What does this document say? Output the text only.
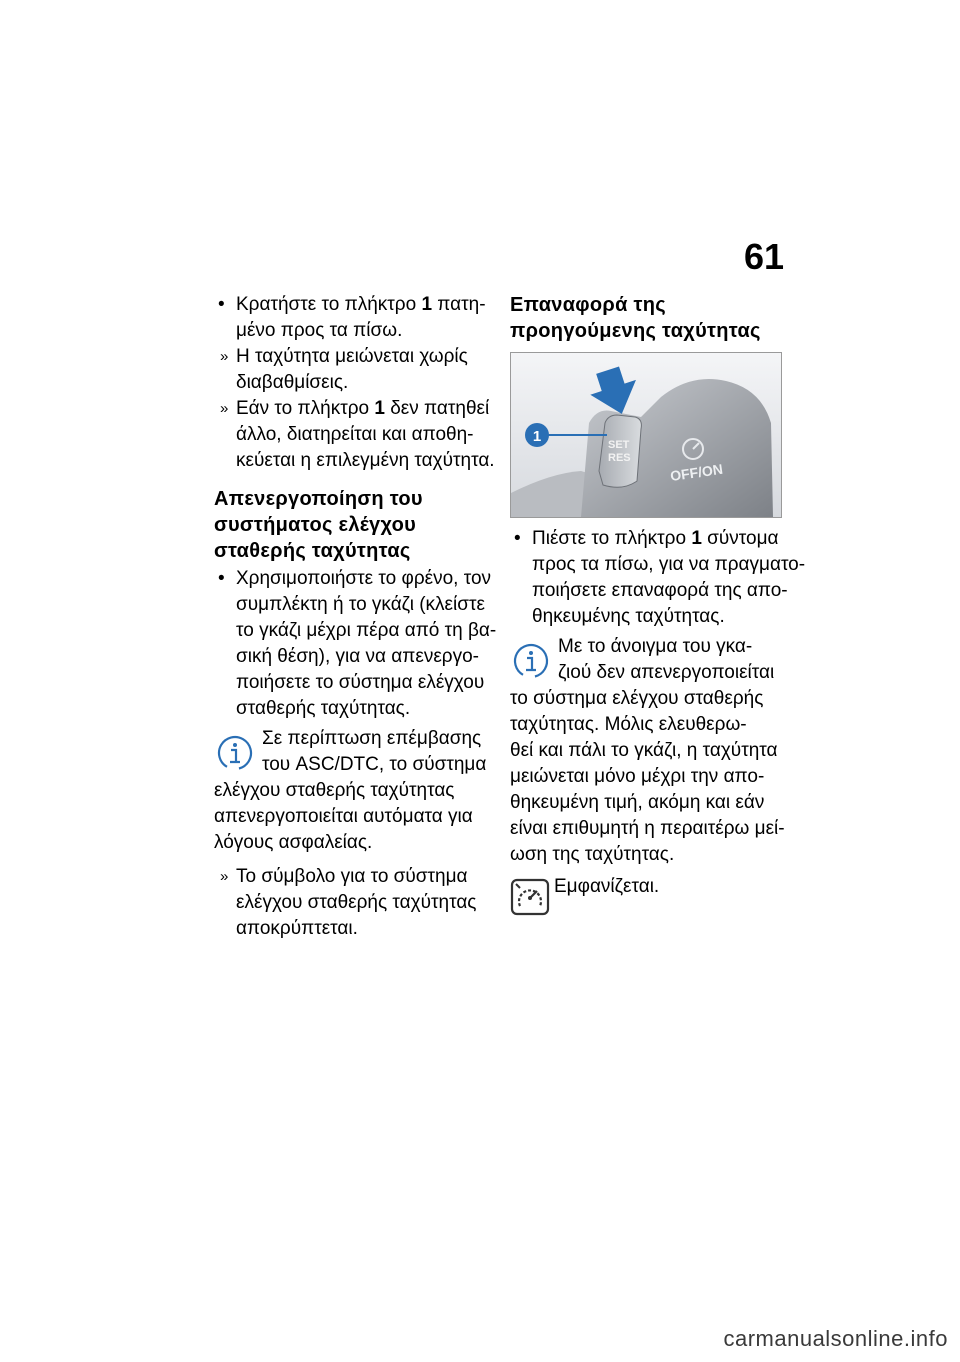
61
• Κρατήστε το πλήκτρο 1 πατη-
μένο προς τα πίσω.
» Η ταχύτητα μειώνεται χωρίς
διαβαθμίσεις.
» Εάν το πλήκτρο 1 δεν πατηθεί
άλλο, διατηρείται και αποθη-
κεύεται η επιλεγμένη ταχύτητα.
Απενεργοποίηση του
συστήματος ελέγχου
σταθερής ταχύτητας
• Χρησιμοποιήστε το φρένο, τον
συμπλέκτη ή το γκάζι (κλείστε
το γκάζι μέχρι πέρα από τη βα-
σική θέση), για να απενεργο-
ποιήσετε το σύστημα ελέγχου
σταθερής ταχύτητας.
Σε περίπτωση επέμβασης
του ASC/DTC, το σύστημα
ελέγχου σταθερής ταχύτητας
απενεργοποιείται αυτόματα για
λόγους ασφαλείας.
» Το σύμβολο για το σύστημα
ελέγχου σταθερής ταχύτητας
αποκρύπτεται.
Επαναφορά της
προηγούμενης ταχύτητας
SET
RES
OFF/ON
1
• Πιέστε το πλήκτρο 1 σύντομα
προς τα πίσω, για να πραγματο-
ποιήσετε επαναφορά της απο-
θηκευμένης ταχύτητας.
Με το άνοιγμα του γκα-
ζιού δεν απενεργοποιείται
το σύστημα ελέγχου σταθερής
ταχύτητας. Μόλις ελευθερω-
θεί και πάλι το γκάζι, η ταχύτητα
μειώνεται μόνο μέχρι την απο-
θηκευμένη τιμή, ακόμη και εάν
είναι επιθυμητή η περαιτέρω μεί-
ωση της ταχύτητας.
Εμφανίζεται.
carmanualsonline.info
